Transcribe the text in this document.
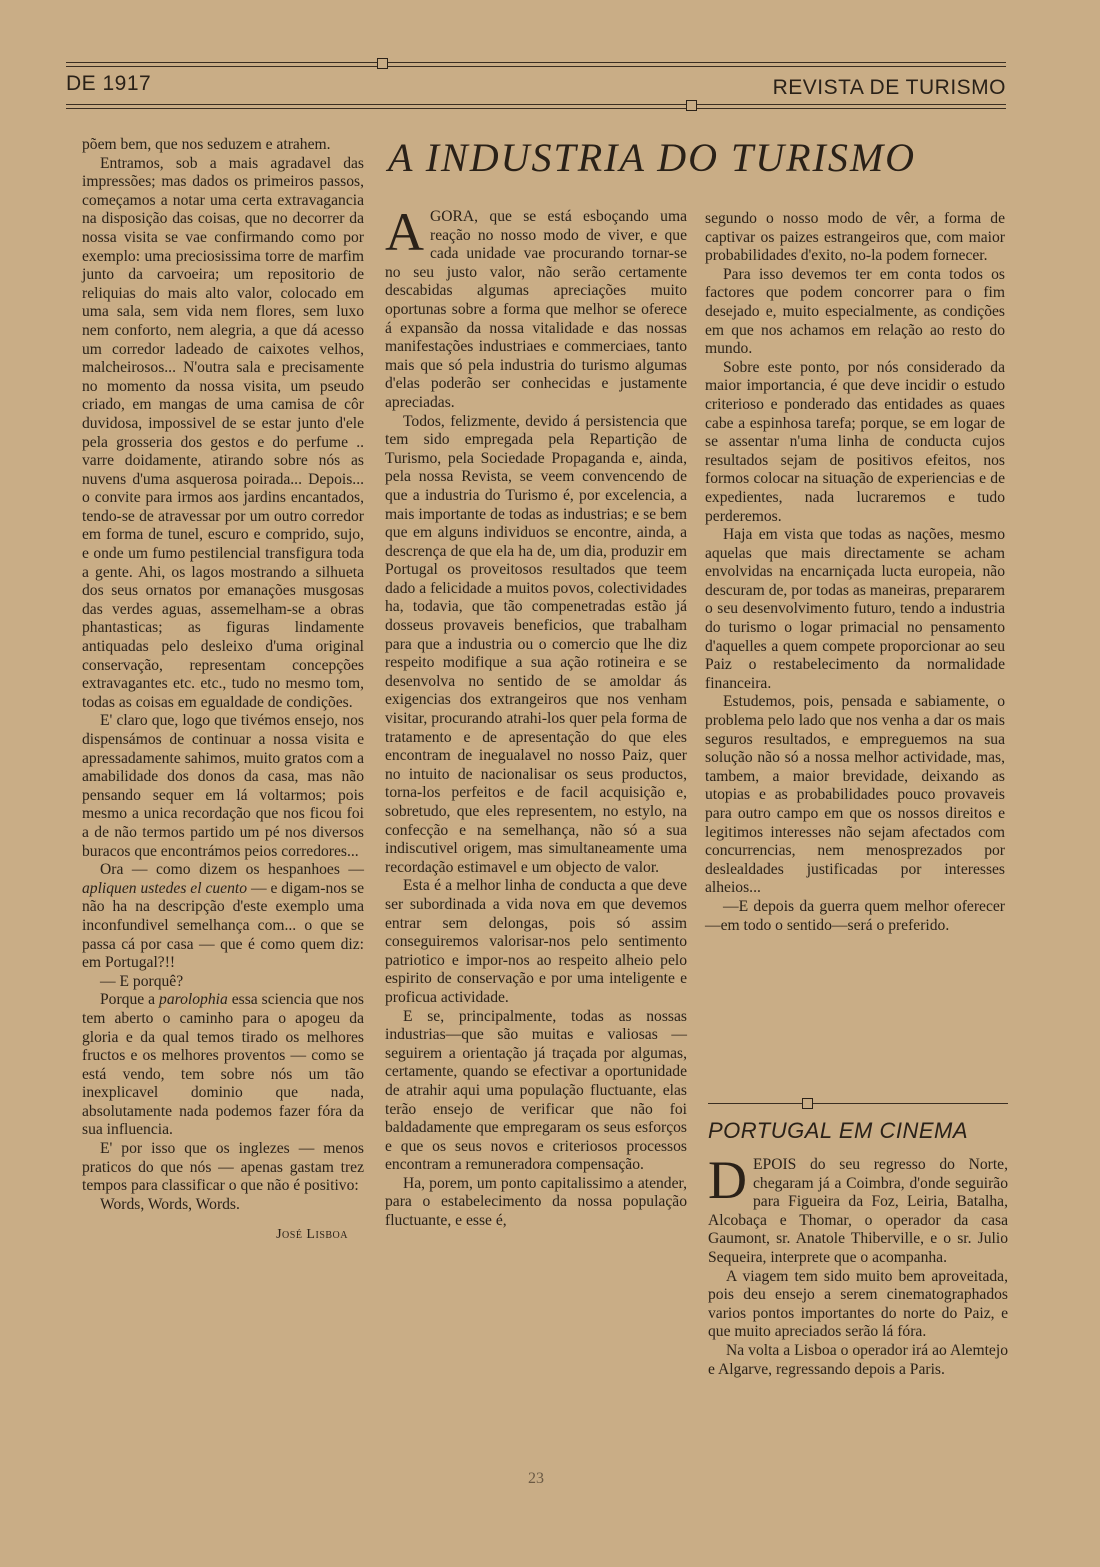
DE 1917	REVISTA DE TURISMO

põem bem, que nos seduzem e atrahem.

Entramos, sob a mais agradavel das impressões; mas dados os primeiros passos, começamos a notar uma certa extravagancia na disposição das coisas, que no decorrer da nossa visita se vae confirmando como por exemplo: uma preciosissima torre de marfim junto da carvoeira; um repositorio de reliquias do mais alto valor, colocado em uma sala, sem vida nem flores, sem luxo nem conforto, nem alegria, a que dá acesso um corredor ladeado de caixotes velhos, malcheirosos... N'outra sala e precisamente no momento da nossa visita, um pseudo criado, em mangas de uma camisa de côr duvidosa, impossivel de se estar junto d'ele pela grosseria dos gestos e do perfume .. varre doidamente, atirando sobre nós as nuvens d'uma asquerosa poirada... Depois... o convite para irmos aos jardins encantados, tendo-se de atravessar por um outro corredor em forma de tunel, escuro e comprido, sujo, e onde um fumo pestilencial transfigura toda a gente. Ahi, os lagos mostrando a silhueta dos seus ornatos por emanações musgosas das verdes aguas, assemelham-se a obras phantasticas; as figuras lindamente antiquadas pelo desleixo d'uma original conservação, representam concepções extravagantes etc. etc., tudo no mesmo tom, todas as coisas em egualdade de condições.

E' claro que, logo que tivémos ensejo, nos dispensámos de continuar a nossa visita e apressadamente sahimos, muito gratos com a amabilidade dos donos da casa, mas não pensando sequer em lá voltarmos; pois mesmo a unica recordação que nos ficou foi a de não termos partido um pé nos diversos buracos que encontrámos peios corredores...

Ora — como dizem os hespanhoes — apliquen ustedes el cuento — e digam-nos se não ha na descripção d'este exemplo uma inconfundivel semelhança com... o que se passa cá por casa — que é como quem diz: em Portugal?!!

— E porquê?

Porque a parolophia essa sciencia que nos tem aberto o caminho para o apogeu da gloria e da qual temos tirado os melhores fructos e os melhores proventos — como se está vendo, tem sobre nós um tão inexplicavel dominio que nada, absolutamente nada podemos fazer fóra da sua influencia.

E' por isso que os inglezes — menos praticos do que nós — apenas gastam trez tempos para classificar o que não é positivo:

Words, Words, Words.

José Lisboa

A INDUSTRIA DO TURISMO

AGORA, que se está esboçando uma reação no nosso modo de viver, e que cada unidade vae procurando tornar-se no seu justo valor, não serão certamente descabidas algumas apreciações muito oportunas sobre a forma que melhor se oferece á expansão da nossa vitalidade e das nossas manifestações industriaes e commerciaes, tanto mais que só pela industria do turismo algumas d'elas poderão ser conhecidas e justamente apreciadas.

Todos, felizmente, devido á persistencia que tem sido empregada pela Repartição de Turismo, pela Sociedade Propaganda e, ainda, pela nossa Revista, se veem convencendo de que a industria do Turismo é, por excelencia, a mais importante de todas as industrias; e se bem que em alguns individuos se encontre, ainda, a descrença de que ela ha de, um dia, produzir em Portugal os proveitosos resultados que teem dado a felicidade a muitos povos, colectividades ha, todavia, que tão compenetradas estão já dosseus provaveis beneficios, que trabalham para que a industria ou o comercio que lhe diz respeito modifique a sua ação rotineira e se desenvolva no sentido de se amoldar ás exigencias dos extrangeiros que nos venham visitar, procurando atrahi-los quer pela forma de tratamento e de apresentação do que eles encontram de inegualavel no nosso Paiz, quer no intuito de nacionalisar os seus productos, torna-los perfeitos e de facil acquisição e, sobretudo, que eles representem, no estylo, na confecção e na semelhança, não só a sua indiscutivel origem, mas simultaneamente uma recordação estimavel e um objecto de valor.

Esta é a melhor linha de conducta a que deve ser subordinada a vida nova em que devemos entrar sem delongas, pois só assim conseguiremos valorisar-nos pelo sentimento patriotico e impor-nos ao respeito alheio pelo espirito de conservação e por uma inteligente e proficua actividade.

E se, principalmente, todas as nossas industrias—que são muitas e valiosas —seguirem a orientação já traçada por algumas, certamente, quando se efectivar a oportunidade de atrahir aqui uma população fluctuante, elas terão ensejo de verificar que não foi baldadamente que empregaram os seus esforços e que os seus novos e criteriosos processos encontram a remuneradora compensação.

Ha, porem, um ponto capitalissimo a atender, para o estabelecimento da nossa população fluctuante, e esse é,

segundo o nosso modo de vêr, a forma de captivar os paizes estrangeiros que, com maior probabilidades d'exito, no-la podem fornecer.

Para isso devemos ter em conta todos os factores que podem concorrer para o fim desejado e, muito especialmente, as condições em que nos achamos em relação ao resto do mundo.

Sobre este ponto, por nós considerado da maior importancia, é que deve incidir o estudo criterioso e ponderado das entidades as quaes cabe a espinhosa tarefa; porque, se em logar de se assentar n'uma linha de conducta cujos resultados sejam de positivos efeitos, nos formos colocar na situação de experiencias e de expedientes, nada lucraremos e tudo perderemos.

Haja em vista que todas as nações, mesmo aquelas que mais directamente se acham envolvidas na encarniçada lucta europeia, não descuram de, por todas as maneiras, prepararem o seu desenvolvimento futuro, tendo a industria do turismo o logar primacial no pensamento d'aquelles a quem compete proporcionar ao seu Paiz o restabelecimento da normalidade financeira.

Estudemos, pois, pensada e sabiamente, o problema pelo lado que nos venha a dar os mais seguros resultados, e empreguemos na sua solução não só a nossa melhor actividade, mas, tambem, a maior brevidade, deixando as utopias e as probabilidades pouco provaveis para outro campo em que os nossos direitos e legitimos interesses não sejam afectados com concurrencias, nem menosprezados por deslealdades justificadas por interesses alheios...

—E depois da guerra quem melhor oferecer—em todo o sentido—será o preferido.

PORTUGAL EM CINEMA

DEPOIS do seu regresso do Norte, chegaram já a Coimbra, d'onde seguirão para Figueira da Foz, Leiria, Batalha, Alcobaça e Thomar, o operador da casa Gaumont, sr. Anatole Thiberville, e o sr. Julio Sequeira, interprete que o acompanha.

A viagem tem sido muito bem aproveitada, pois deu ensejo a serem cinematographados varios pontos importantes do norte do Paiz, e que muito apreciados serão lá fóra.

Na volta a Lisboa o operador irá ao Alemtejo e Algarve, regressando depois a Paris.

23
